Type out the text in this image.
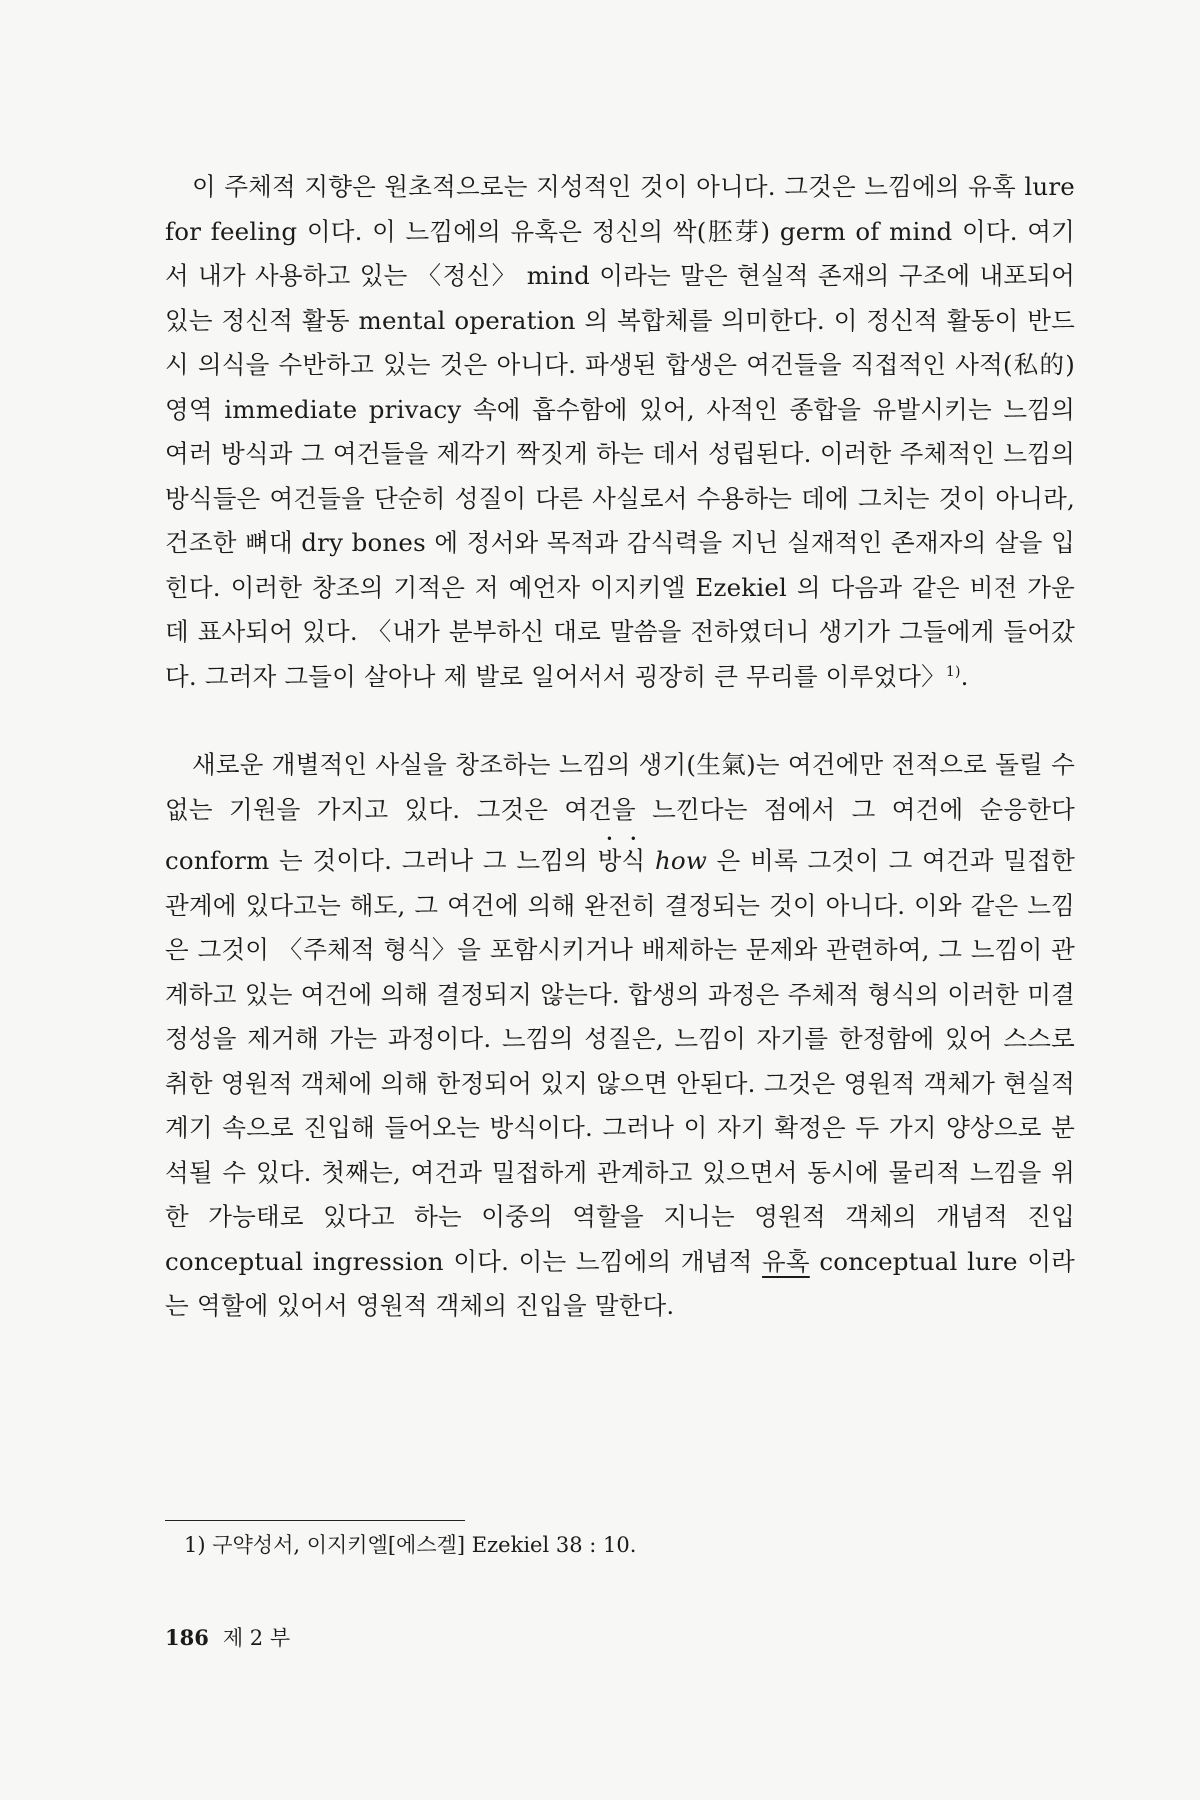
이 주체적 지향은 원초적으로는 지성적인 것이 아니다. 그것은 느낌에의 유혹 lure for feeling 이다. 이 느낌에의 유혹은 정신의 싹(胚芽) germ of mind 이다. 여기서 내가 사용하고 있는 〈정신〉 mind 이라는 말은 현실적 존재의 구조에 내포되어 있는 정신적 활동 mental operation 의 복합체를 의미한다. 이 정신적 활동이 반드시 의식을 수반하고 있는 것은 아니다. 파생된 합생은 여건들을 직접적인 사적(私的) 영역 immediate privacy 속에 흡수함에 있어, 사적인 종합을 유발시키는 느낌의 여러 방식과 그 여건들을 제각기 짝짓게 하는 데서 성립된다. 이러한 주체적인 느낌의 방식들은 여건들을 단순히 성질이 다른 사실로서 수용하는 데에 그치는 것이 아니라, 건조한 뼈대 dry bones 에 정서와 목적과 감식력을 지닌 실재적인 존재자의 살을 입힌다. 이러한 창조의 기적은 저 예언자 이지키엘 Ezekiel 의 다음과 같은 비전 가운데 표사되어 있다. 〈내가 분부하신 대로 말씀을 전하였더니 생기가 그들에게 들어갔다. 그러자 그들이 살아나 제 발로 일어서서 굉장히 큰 무리를 이루었다〉$^{1)}$.

새로운 개별적인 사실을 창조하는 느낌의 생기(生氣)는 여건에만 전적으로 돌릴 수 없는 기원을 가지고 있다. 그것은 여건을 느낀다는 점에서 그 여건에 순응한다 conform 는 것이다. 그러나 그 느낌의 방식 how 은 비록 그것이 그 여건과 밀접한 관계에 있다고는 해도, 그 여건에 의해 완전히 결정되는 것이 아니다. 이와 같은 느낌은 그것이 〈주체적 형식〉을 포함시키거나 배제하는 문제와 관련하여, 그 느낌이 관계하고 있는 여건에 의해 결정되지 않는다. 합생의 과정은 주체적 형식의 이러한 미결정성을 제거해 가는 과정이다. 느낌의 성질은, 느낌이 자기를 한정함에 있어 스스로 취한 영원적 객체에 의해 한정되어 있지 않으면 안된다. 그것은 영원적 객체가 현실적 계기 속으로 진입해 들어오는 방식이다. 그러나 이 자기 확정은 두 가지 양상으로 분석될 수 있다. 첫째는, 여건과 밀접하게 관계하고 있으면서 동시에 물리적 느낌을 위한 가능태로 있다고 하는 이중의 역할을 지니는 영원적 객체의 개념적 진입 conceptual ingression 이다. 이는 느낌에의 개념적 유혹 conceptual lure 이라는 역할에 있어서 영원적 객체의 진입을 말한다.

1) 구약성서, 이지키엘[에스겔] Ezekiel 38 : 10.

186 제 2 부
